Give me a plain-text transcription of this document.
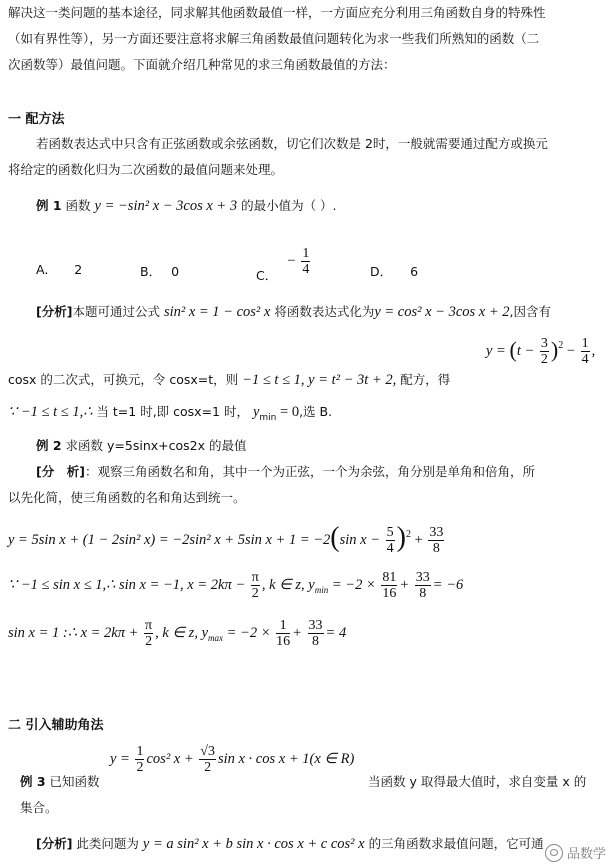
解决这一类问题的基本途径，同求解其他函数最值一样，一方面应充分利用三角函数自身的特殊性
（如有界性等），另一方面还要注意将求解三角函数最值问题转化为求一些我们所熟知的函数（二
次函数等）最值问题。下面就介绍几种常见的求三角函数最值的方法：
一 配方法
若函数表达式中只含有正弦函数或余弦函数，切它们次数是 2时，一般就需要通过配方或换元
将给定的函数化归为二次函数的最值问题来处理。
例 1 函数 y = −sin² x − 3cos x + 3 的最小值为（ ）.
A. 2	B． 0	C． − $\frac{1}{4}$	D． 6
[分析]本题可通过公式 sin² x = 1 − cos² x 将函数表达式化为y = cos² x − 3cos x + 2,因含有
$y = (t - \frac{3}{2} )^2 - \frac{1}{4}$ ,
cosx 的二次式，可换元，令 cosx=t，则 −1 ≤ t ≤ 1, y = t² − 3t + 2, 配方，得
∵ −1 ≤ t ≤ 1,∴ 当 t=1 时,即 cosx=1 时， $y_{min} = 0$,选 B.
例 2 求函数 y=5sinx+cos2x 的最值
[分　析]：观察三角函数名和角，其中一个为正弦，一个为余弦，角分别是单角和倍角，所
以先化简，使三角函数的名和角达到统一。
y = 5sin x + (1 − 2sin² x) = −2sin² x + 5sin x + 1 = −2(sin $x - \frac{5}{4} )^2 + \frac{33}{8}$
∵ −1 ≤ sin x ≤ 1,∴ sin x = −1, $x = 2k\pi - \frac{\pi}{2}$ , k ∈ z, $y_{min} = -2 \times \frac{81}{16} + \frac{33}{8} = -6$
sin x = 1 :∴ $x = 2k\pi + \frac{\pi}{2}$ , k ∈ z, $y_{max} = -2 \times \frac{1}{16} + \frac{33}{8} = 4$
二 引入辅助角法
$y = \frac{1}{2} \cos^2$ $x + \frac{√3}{2}$ sin x · cos x + 1(x ∈ R)
例 3 已知函数	当函数 y 取得最大值时，求自变量 x 的
集合。
[分析] 此类问题为 y = a sin² x + b sin x · cos x + c cos² x 的三角函数求最值问题，它可通
品数学
